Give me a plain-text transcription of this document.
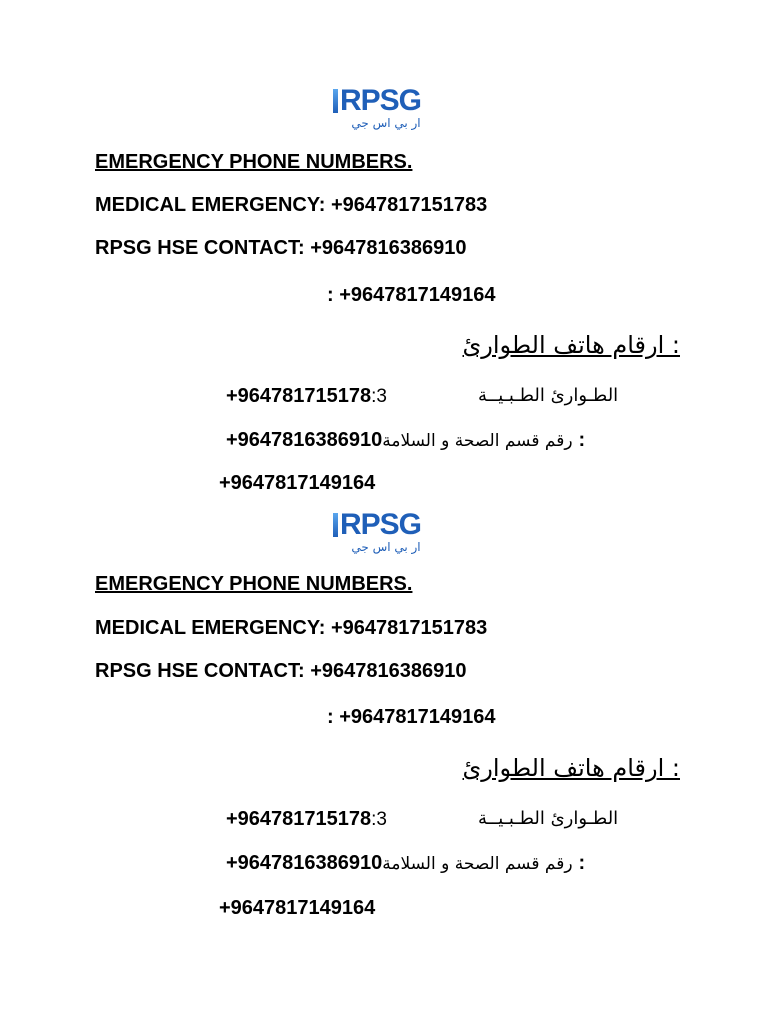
RPSG
ار بي اس جي
EMERGENCY PHONE NUMBERS.
MEDICAL EMERGENCY: +9647817151783
RPSG HSE CONTACT: +9647816386910
: +9647817149164
: ارقام هاتف الطوارئ
+964781715178:3	الطـوارئ الطـبـيــة
+9647816386910رقم قسم الصحة و السلامة :
+9647817149164
RPSG
ار بي اس جي
EMERGENCY PHONE NUMBERS.
MEDICAL EMERGENCY: +9647817151783
RPSG HSE CONTACT: +9647816386910
: +9647817149164
: ارقام هاتف الطوارئ
+964781715178:3	الطـوارئ الطـبـيــة
+9647816386910رقم قسم الصحة و السلامة :
+9647817149164
